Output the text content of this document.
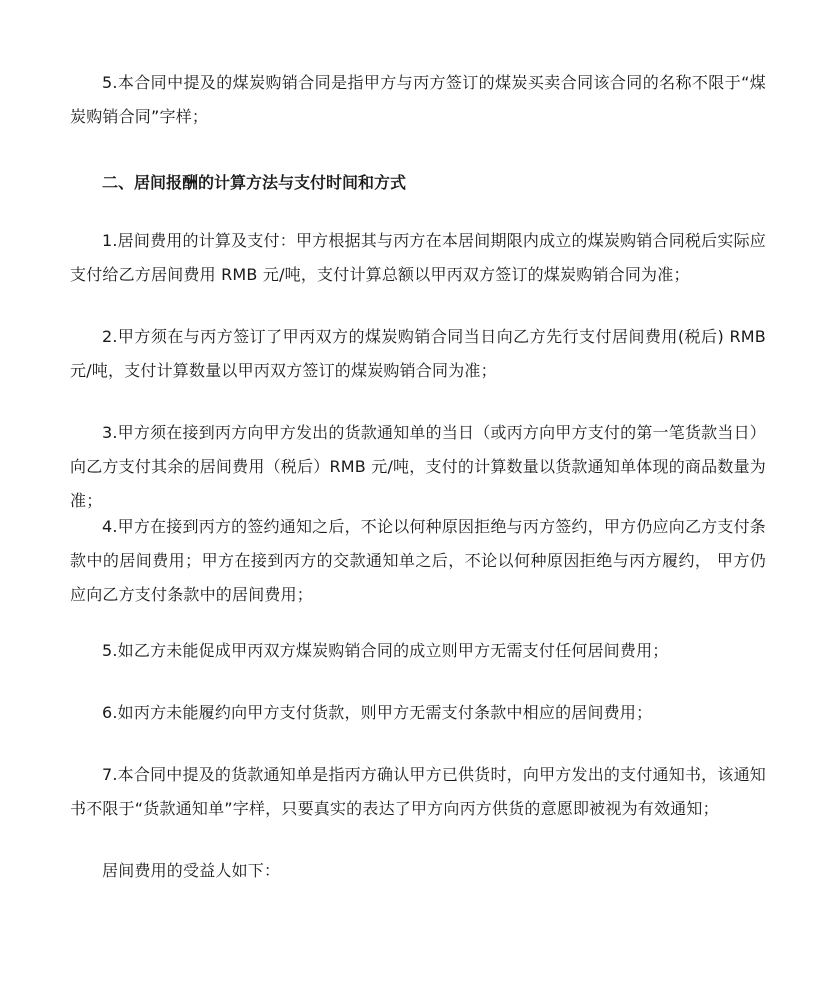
5.本合同中提及的煤炭购销合同是指甲方与丙方签订的煤炭买卖合同该合同的名称不限于“煤炭购销合同”字样；

二、居间报酬的计算方法与支付时间和方式

1.居间费用的计算及支付：甲方根据其与丙方在本居间期限内成立的煤炭购销合同税后实际应支付给乙方居间费用 RMB 元/吨，支付计算总额以甲丙双方签订的煤炭购销合同为准；

2.甲方须在与丙方签订了甲丙双方的煤炭购销合同当日向乙方先行支付居间费用(税后) RMB 元/吨，支付计算数量以甲丙双方签订的煤炭购销合同为准；

3.甲方须在接到丙方向甲方发出的货款通知单的当日（或丙方向甲方支付的第一笔货款当日）向乙方支付其余的居间费用（税后）RMB 元/吨，支付的计算数量以货款通知单体现的商品数量为准；

4.甲方在接到丙方的签约通知之后，不论以何种原因拒绝与丙方签约，甲方仍应向乙方支付条款中的居间费用；甲方在接到丙方的交款通知单之后，不论以何种原因拒绝与丙方履约， 甲方仍应向乙方支付条款中的居间费用；

5.如乙方未能促成甲丙双方煤炭购销合同的成立则甲方无需支付任何居间费用；

6.如丙方未能履约向甲方支付货款，则甲方无需支付条款中相应的居间费用；

7.本合同中提及的货款通知单是指丙方确认甲方已供货时，向甲方发出的支付通知书，该通知书不限于“货款通知单”字样，只要真实的表达了甲方向丙方供货的意愿即被视为有效通知；

居间费用的受益人如下：
